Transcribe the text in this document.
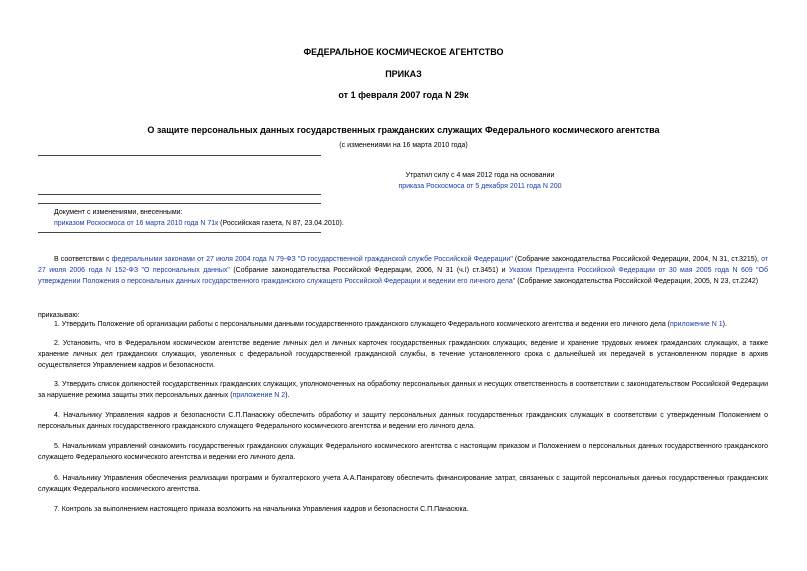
ФЕДЕРАЛЬНОЕ КОСМИЧЕСКОЕ АГЕНТСТВО
ПРИКАЗ
от 1 февраля 2007 года N 29к
О защите персональных данных государственных гражданских служащих Федерального космического агентства
(с изменениями на 16 марта 2010 года)
Утратил силу с 4 мая 2012 года на основании
приказа Роскосмоса от 5 декабря 2011 года N 200
Документ с изменениями, внесенными:
приказом Роскосмоса от 16 марта 2010 года N 71к (Российская газета, N 87, 23.04.2010).
В соответствии с федеральными законами от 27 июля 2004 года N 79-ФЗ "О государственной гражданской службе Российской Федерации" (Собрание законодательства Российской Федерации, 2004, N 31, ст.3215), от 27 июля 2006 года N 152-ФЗ "О персональных данных" (Собрание законодательства Российской Федерации, 2006, N 31 (ч.I) ст.3451) и Указом Президента Российской Федерации от 30 мая 2005 года N 609 "Об утверждении Положения о персональных данных государственного гражданского служащего Российской Федерации и ведении его личного дела" (Собрание законодательства Российской Федерации, 2005, N 23, ст.2242)
приказываю:
1. Утвердить Положение об организации работы с персональными данными государственного гражданского служащего Федерального космического агентства и ведении его личного дела (приложение N 1).
2. Установить, что в Федеральном космическом агентстве ведение личных дел и личных карточек государственных гражданских служащих, ведение и хранение трудовых книжек гражданских служащих, а также хранение личных дел гражданских служащих, уволенных с федеральной государственной гражданской службы, в течение установленного срока с дальнейшей их передачей в установленном порядке в архив осуществляется Управлением кадров и безопасности.
3. Утвердить список должностей государственных гражданских служащих, уполномоченных на обработку персональных данных и несущих ответственность в соответствии с законодательством Российской Федерации за нарушение режима защиты этих персональных данных (приложение N 2).
4. Начальнику Управления кадров и безопасности С.П.Панасюку обеспечить обработку и защиту персональных данных государственных гражданских служащих в соответствии с утвержденным Положением о персональных данных государственного гражданского служащего Федерального космического агентства и ведении его личного дела.
5. Начальникам управлений ознакомить государственных гражданских служащих Федерального космического агентства с настоящим приказом и Положением о персональных данных государственного гражданского служащего Федерального космического агентства и ведении его личного дела.
6. Начальнику Управления обеспечения реализации программ и бухгалтерского учета А.А.Панкратову обеспечить финансирование затрат, связанных с защитой персональных данных государственных гражданских служащих Федерального космического агентства.
7. Контроль за выполнением настоящего приказа возложить на начальника Управления кадров и безопасности С.П.Панасюка.
